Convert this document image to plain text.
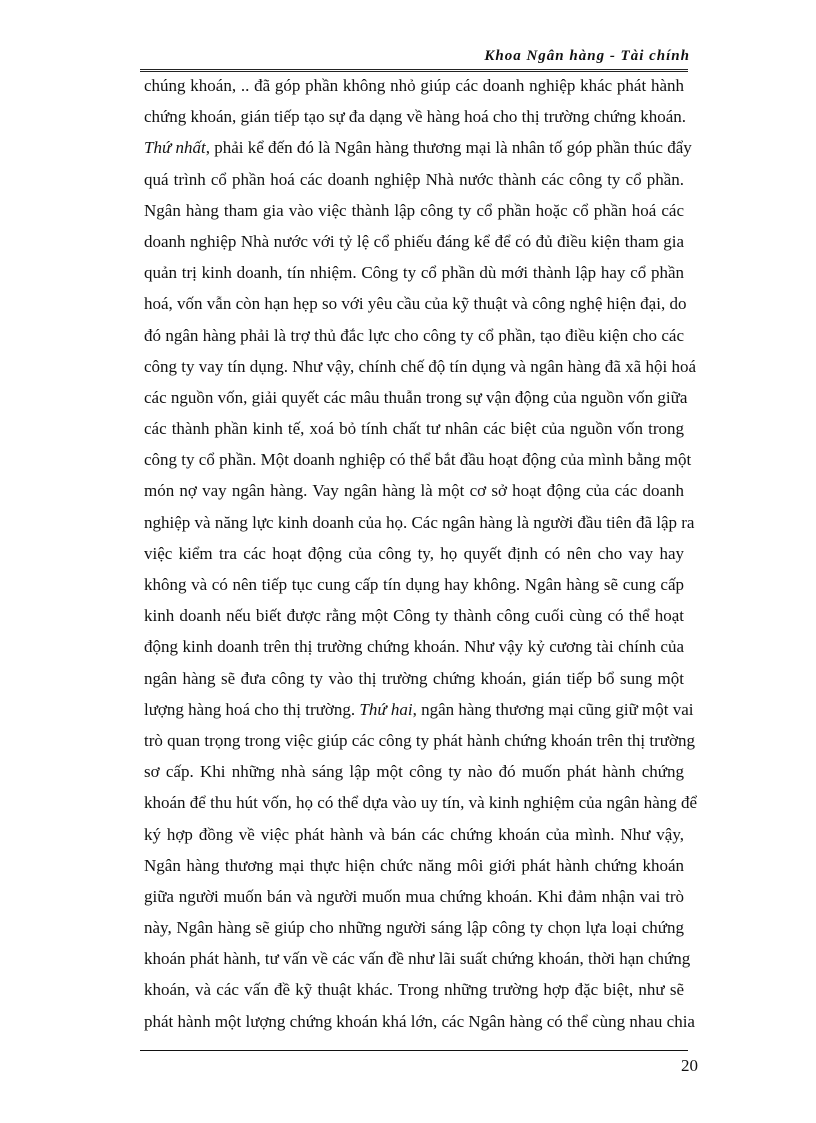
Khoa Ngân hàng - Tài chính
chúng khoán, .. đã góp phần không nhỏ giúp các doanh nghiệp khác phát hành
chứng khoán, gián tiếp tạo sự đa dạng về hàng hoá cho thị trường chứng khoán.
Thứ nhất, phải kể đến đó là Ngân hàng thương mại là nhân tố góp phần thúc đẩy
quá trình cổ phần hoá các doanh nghiệp Nhà nước thành các công ty cổ phần.
Ngân hàng tham gia vào việc thành lập công ty cổ phần hoặc cổ phần hoá các
doanh nghiệp Nhà nước với tỷ lệ cổ phiếu đáng kể để có đủ điều kiện tham gia
quản trị kinh doanh, tín nhiệm. Công ty cổ phần dù mới thành lập hay cổ phần
hoá, vốn vẫn còn hạn hẹp so với yêu cầu của kỹ thuật và công nghệ hiện đại, do
đó ngân hàng phải là trợ thủ đắc lực cho công ty cổ phần, tạo điều kiện cho các
công ty vay tín dụng. Như vậy, chính chế độ tín dụng và ngân hàng đã xã hội hoá
các nguồn vốn, giải quyết các mâu thuẫn trong sự vận động của nguồn vốn giữa
các thành phần kinh tế, xoá bỏ tính chất tư nhân các biệt của nguồn vốn trong
công ty cổ phần. Một doanh nghiệp có thể bắt đầu hoạt động của mình bằng một
món nợ vay ngân hàng. Vay ngân hàng là một cơ sở hoạt động của các doanh
nghiệp và năng lực kinh doanh của họ. Các ngân hàng là người đầu tiên đã lập ra
việc kiểm tra các hoạt động của công ty, họ quyết định có nên cho vay hay
không và có nên tiếp tục cung cấp tín dụng hay không. Ngân hàng sẽ cung cấp
kinh doanh nếu biết được rằng một Công ty thành công cuối cùng có thể hoạt
động kinh doanh trên thị trường chứng khoán. Như vậy kỷ cương tài chính của
ngân hàng sẽ đưa công ty vào thị trường chứng khoán, gián tiếp bổ sung một
lượng hàng hoá cho thị trường. Thứ hai, ngân hàng thương mại cũng giữ một vai
trò quan trọng trong việc giúp các công ty phát hành chứng khoán trên thị trường
sơ cấp. Khi những nhà sáng lập một công ty nào đó muốn phát hành chứng
khoán để thu hút vốn, họ có thể dựa vào uy tín, và kinh nghiệm của ngân hàng để
ký hợp đồng về việc phát hành và bán các chứng khoán của mình. Như vậy,
Ngân hàng thương mại thực hiện chức năng môi giới phát hành chứng khoán
giữa người muốn bán và người muốn mua chứng khoán. Khi đảm nhận vai trò
này, Ngân hàng sẽ giúp cho những người sáng lập công ty chọn lựa loại chứng
khoán phát hành, tư vấn về các vấn đề như lãi suất chứng khoán, thời hạn chứng
khoán, và các vấn đề kỹ thuật khác. Trong những trường hợp đặc biệt, như sẽ
phát hành một lượng chứng khoán khá lớn, các Ngân hàng có thể cùng nhau chia
20
